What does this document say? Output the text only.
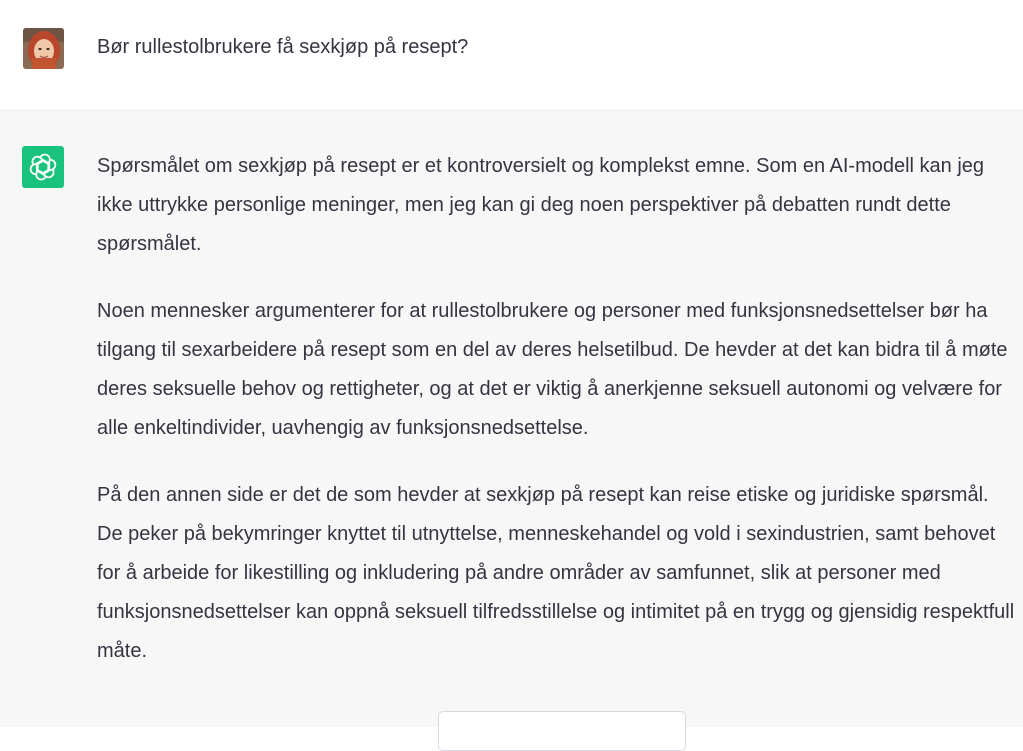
Bør rullestolbrukere få sexkjøp på resept?

Spørsmålet om sexkjøp på resept er et kontroversielt og komplekst emne. Som en AI-modell kan jeg ikke uttrykke personlige meninger, men jeg kan gi deg noen perspektiver på debatten rundt dette spørsmålet.

Noen mennesker argumenterer for at rullestolbrukere og personer med funksjonsnedsettelser bør ha tilgang til sexarbeidere på resept som en del av deres helsetilbud. De hevder at det kan bidra til å møte deres seksuelle behov og rettigheter, og at det er viktig å anerkjenne seksuell autonomi og velvære for alle enkeltindivider, uavhengig av funksjonsnedsettelse.

På den annen side er det de som hevder at sexkjøp på resept kan reise etiske og juridiske spørsmål. De peker på bekymringer knyttet til utnyttelse, menneskehandel og vold i sexindustrien, samt behovet for å arbeide for likestilling og inkludering på andre områder av samfunnet, slik at personer med funksjonsnedsettelser kan oppnå seksuell tilfredsstillelse og intimitet på en trygg og gjensidig respektfull måte.
